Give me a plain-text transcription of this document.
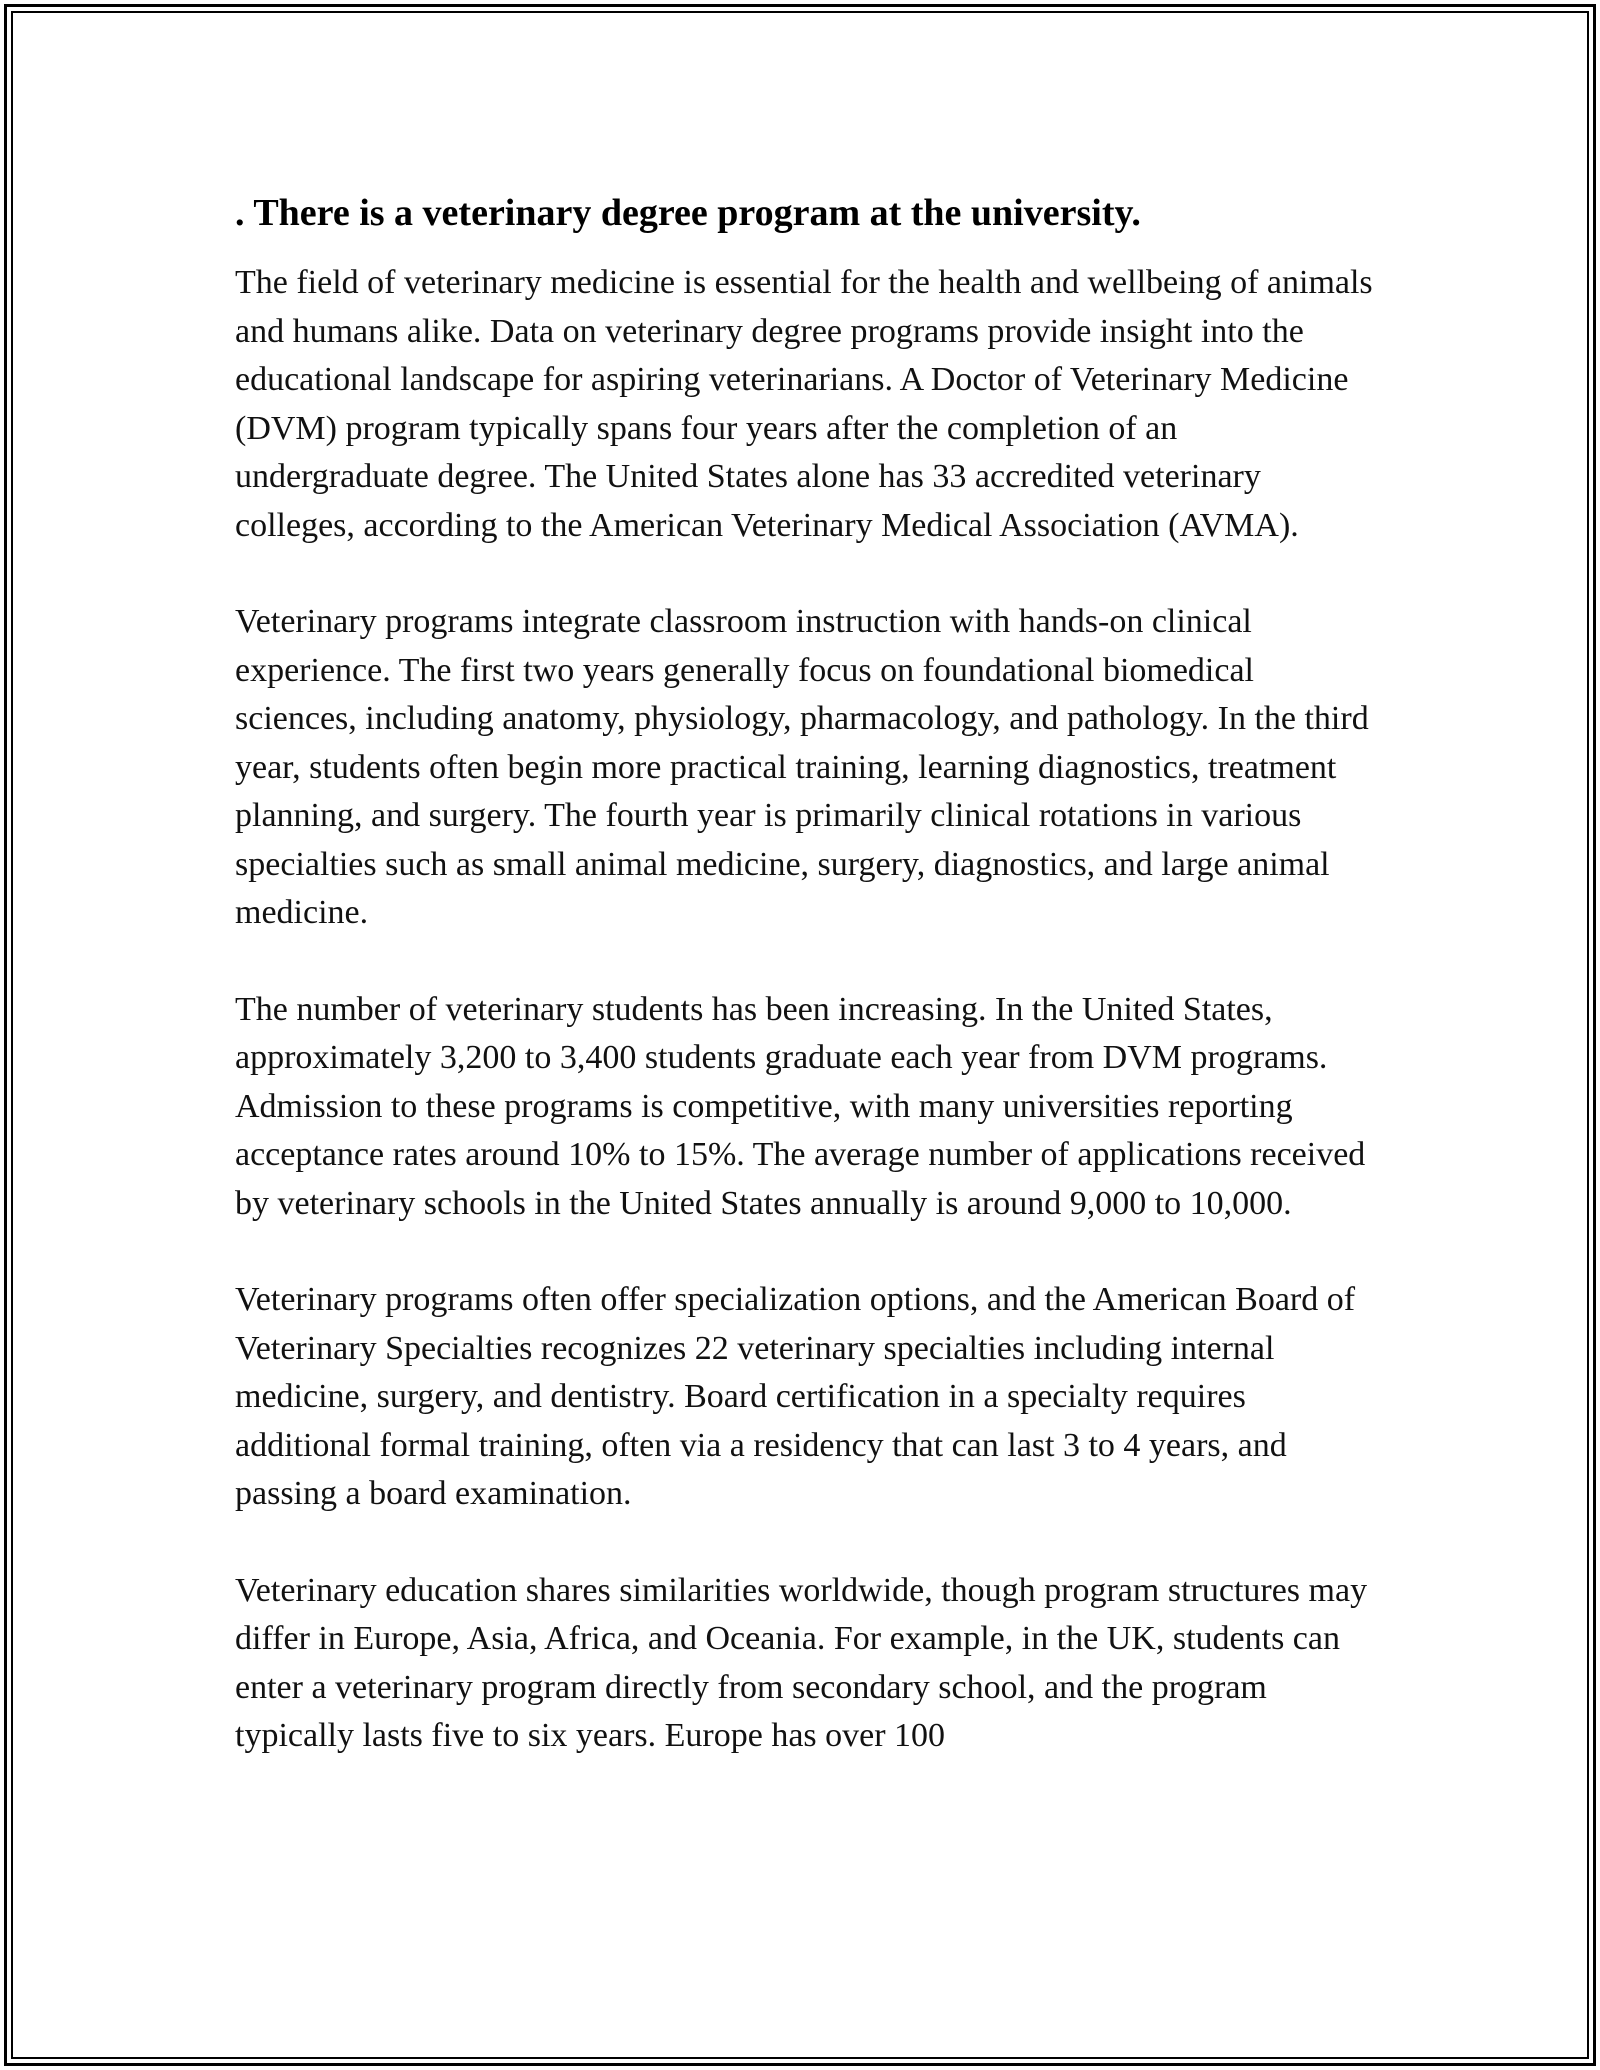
. There is a veterinary degree program at the university.

The field of veterinary medicine is essential for the health and wellbeing of animals and humans alike. Data on veterinary degree programs provide insight into the educational landscape for aspiring veterinarians. A Doctor of Veterinary Medicine (DVM) program typically spans four years after the completion of an undergraduate degree. The United States alone has 33 accredited veterinary colleges, according to the American Veterinary Medical Association (AVMA).

Veterinary programs integrate classroom instruction with hands-on clinical experience. The first two years generally focus on foundational biomedical sciences, including anatomy, physiology, pharmacology, and pathology. In the third year, students often begin more practical training, learning diagnostics, treatment planning, and surgery. The fourth year is primarily clinical rotations in various specialties such as small animal medicine, surgery, diagnostics, and large animal medicine.

The number of veterinary students has been increasing. In the United States, approximately 3,200 to 3,400 students graduate each year from DVM programs. Admission to these programs is competitive, with many universities reporting acceptance rates around 10% to 15%. The average number of applications received by veterinary schools in the United States annually is around 9,000 to 10,000.

Veterinary programs often offer specialization options, and the American Board of Veterinary Specialties recognizes 22 veterinary specialties including internal medicine, surgery, and dentistry. Board certification in a specialty requires additional formal training, often via a residency that can last 3 to 4 years, and passing a board examination.

Veterinary education shares similarities worldwide, though program structures may differ in Europe, Asia, Africa, and Oceania. For example, in the UK, students can enter a veterinary program directly from secondary school, and the program typically lasts five to six years. Europe has over 100
